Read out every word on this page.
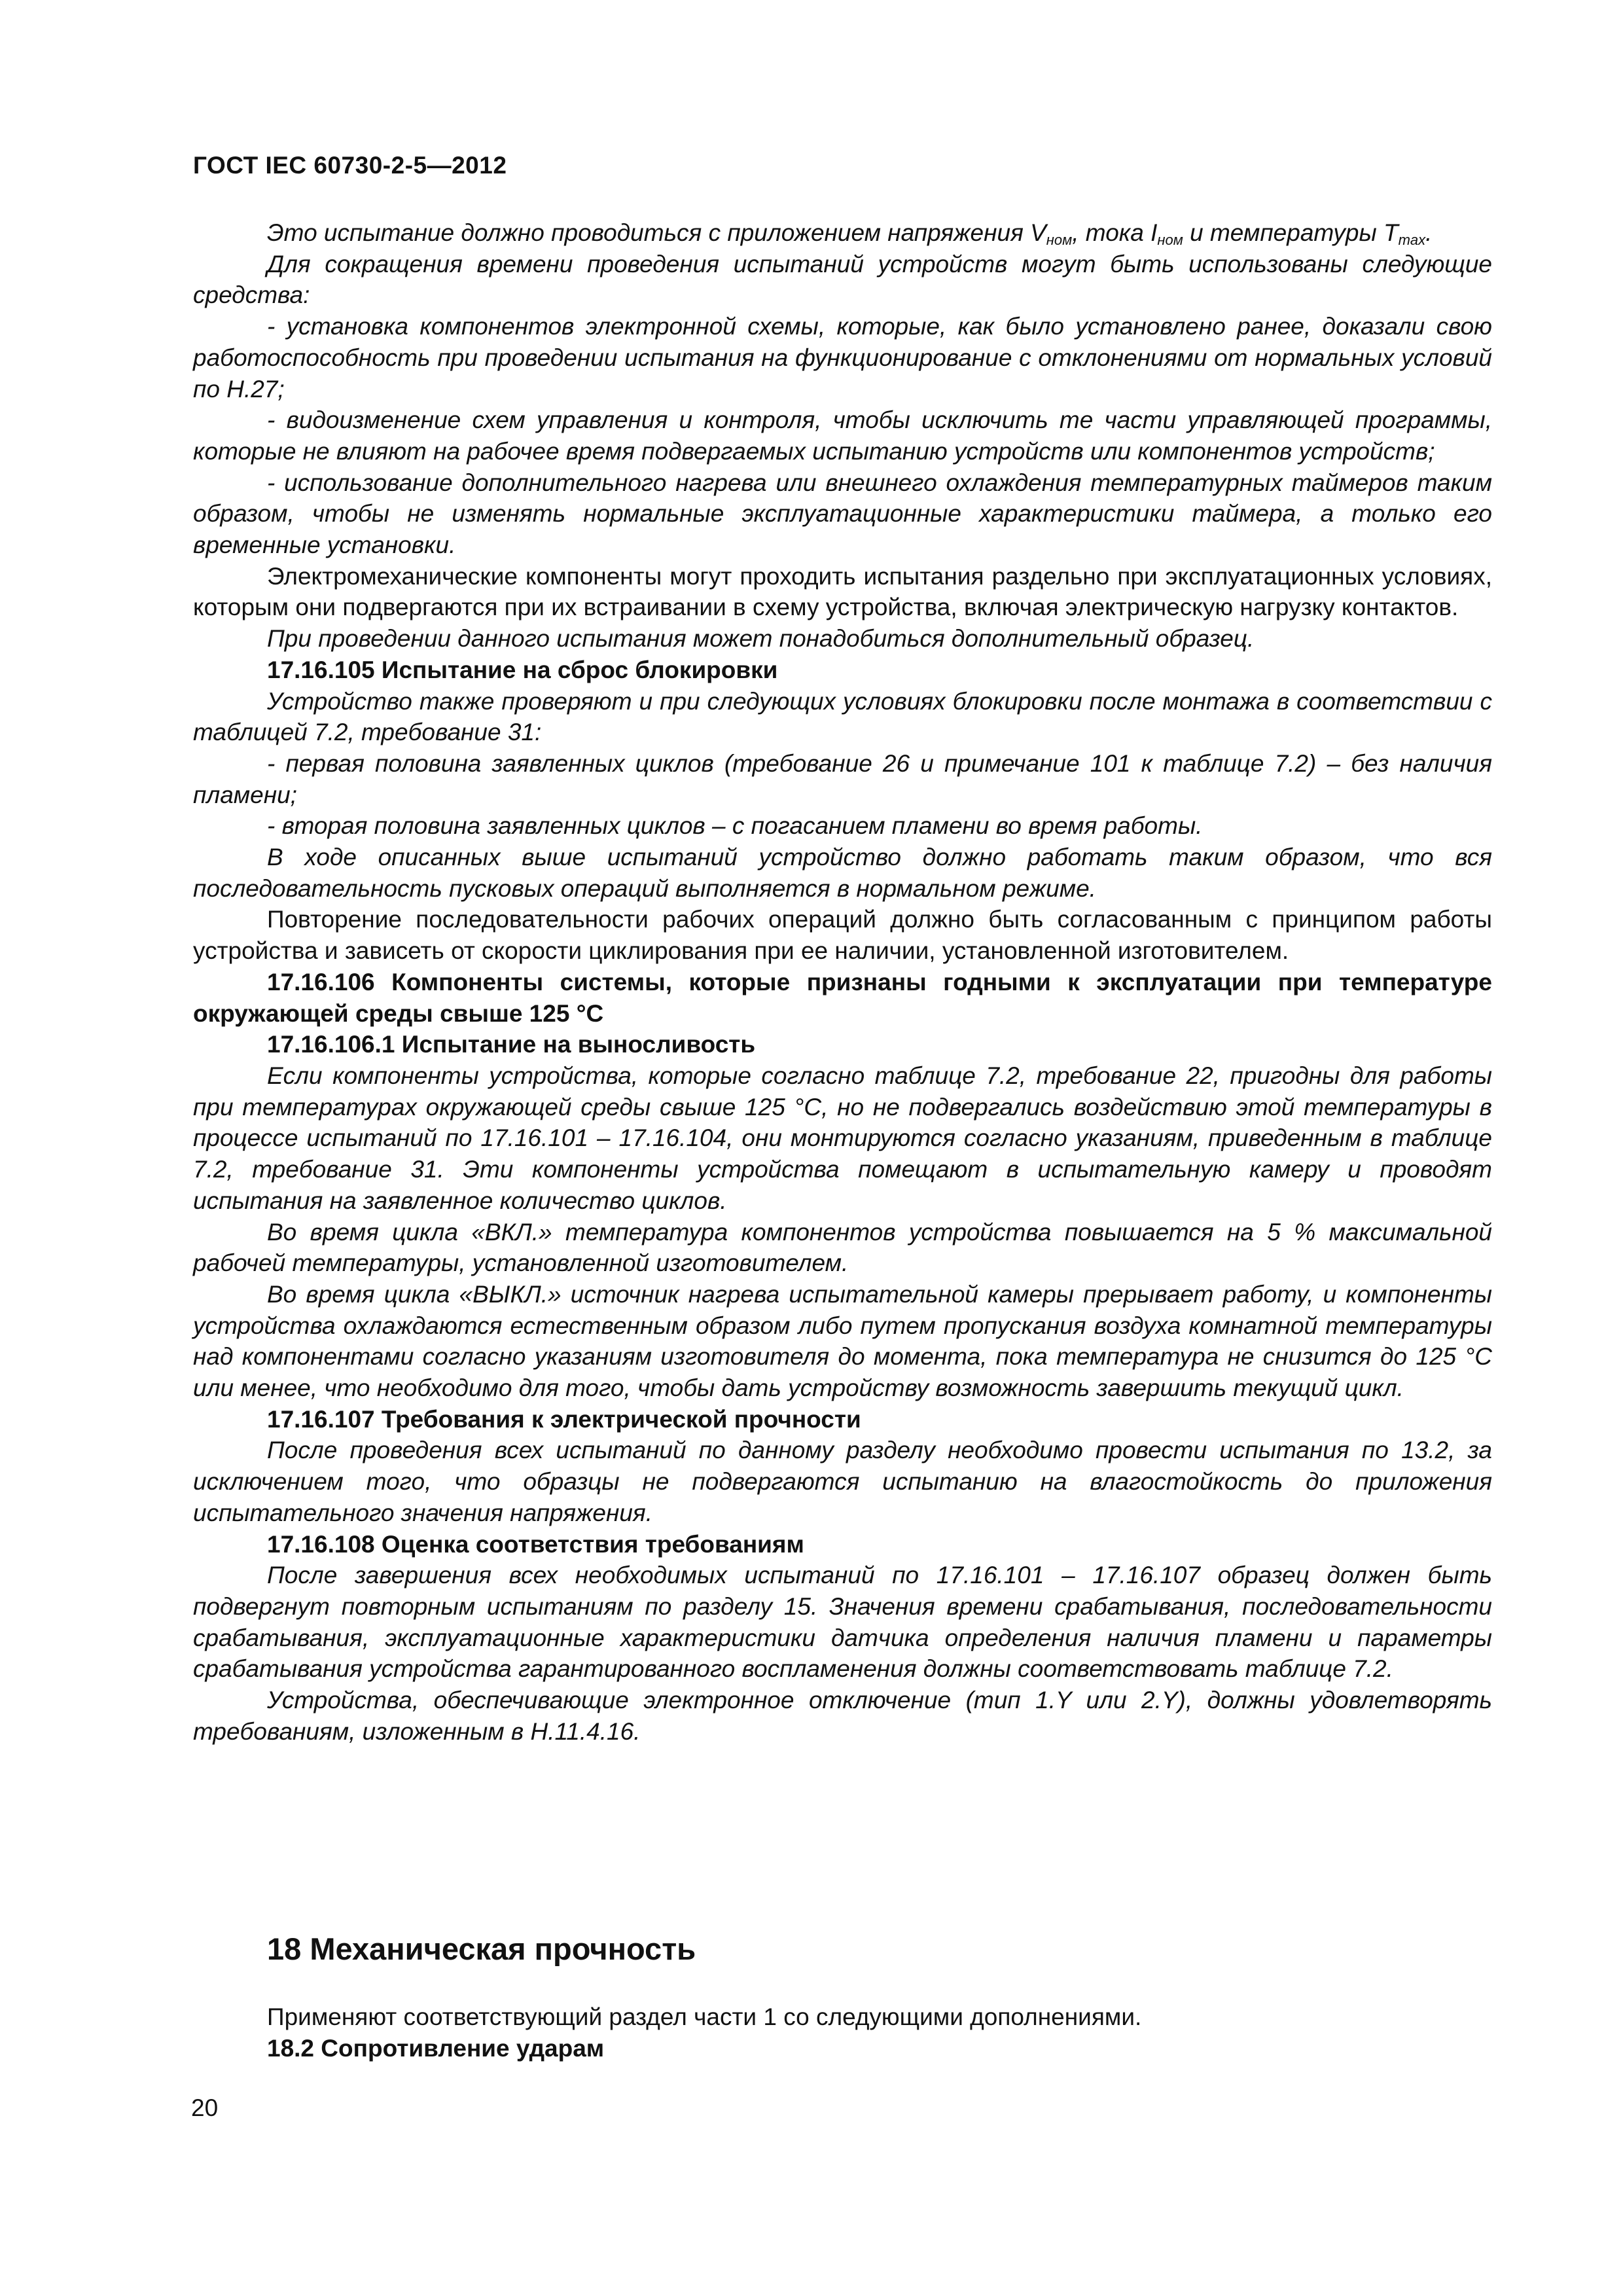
ГОСТ IEC 60730-2-5—2012

Это испытание должно проводиться с приложением напряжения $V_{ном}$, тока $I_{ном}$ и температуры $T_{max}$.

Для сокращения времени проведения испытаний устройств могут быть использованы следующие средства:

- установка компонентов электронной схемы, которые, как было установлено ранее, доказали свою работоспособность при проведении испытания на функционирование с отклонениями от нормальных условий по Н.27;

- видоизменение схем управления и контроля, чтобы исключить те части управляющей программы, которые не влияют на рабочее время подвергаемых испытанию устройств или компонентов устройств;

- использование дополнительного нагрева или внешнего охлаждения температурных таймеров таким образом, чтобы не изменять нормальные эксплуатационные характеристики таймера, а только его временные установки.

Электромеханические компоненты могут проходить испытания раздельно при эксплуатационных условиях, которым они подвергаются при их встраивании в схему устройства, включая электрическую нагрузку контактов.

При проведении данного испытания может понадобиться дополнительный образец.

17.16.105 Испытание на сброс блокировки

Устройство также проверяют и при следующих условиях блокировки после монтажа в соответствии с таблицей 7.2, требование 31:

- первая половина заявленных циклов (требование 26 и примечание 101 к таблице 7.2) – без наличия пламени;

- вторая половина заявленных циклов – с погасанием пламени во время работы.

В ходе описанных выше испытаний устройство должно работать таким образом, что вся последовательность пусковых операций выполняется в нормальном режиме.

Повторение последовательности рабочих операций должно быть согласованным с принципом работы устройства и зависеть от скорости циклирования при ее наличии, установленной изготовителем.

17.16.106 Компоненты системы, которые признаны годными к эксплуатации при температуре окружающей среды свыше 125 °С

17.16.106.1 Испытание на выносливость

Если компоненты устройства, которые согласно таблице 7.2, требование 22, пригодны для работы при температурах окружающей среды свыше 125 °С, но не подвергались воздействию этой температуры в процессе испытаний по 17.16.101 – 17.16.104, они монтируются согласно указаниям, приведенным в таблице 7.2, требование 31. Эти компоненты устройства помещают в испытательную камеру и проводят испытания на заявленное количество циклов.

Во время цикла «ВКЛ.» температура компонентов устройства повышается на 5 % максимальной рабочей температуры, установленной изготовителем.

Во время цикла «ВЫКЛ.» источник нагрева испытательной камеры прерывает работу, и компоненты устройства охлаждаются естественным образом либо путем пропускания воздуха комнатной температуры над компонентами согласно указаниям изготовителя до момента, пока температура не снизится до 125 °С или менее, что необходимо для того, чтобы дать устройству возможность завершить текущий цикл.

17.16.107 Требования к электрической прочности

После проведения всех испытаний по данному разделу необходимо провести испытания по 13.2, за исключением того, что образцы не подвергаются испытанию на влагостойкость до приложения испытательного значения напряжения.

17.16.108 Оценка соответствия требованиям

После завершения всех необходимых испытаний по 17.16.101 – 17.16.107 образец должен быть подвергнут повторным испытаниям по разделу 15. Значения времени срабатывания, последовательности срабатывания, эксплуатационные характеристики датчика определения наличия пламени и параметры срабатывания устройства гарантированного воспламенения должны соответствовать таблице 7.2.

Устройства, обеспечивающие электронное отключение (тип 1.Y или 2.Y), должны удовлетворять требованиям, изложенным в Н.11.4.16.

18 Механическая прочность

Применяют соответствующий раздел части 1 со следующими дополнениями.

18.2 Сопротивление ударам

20
